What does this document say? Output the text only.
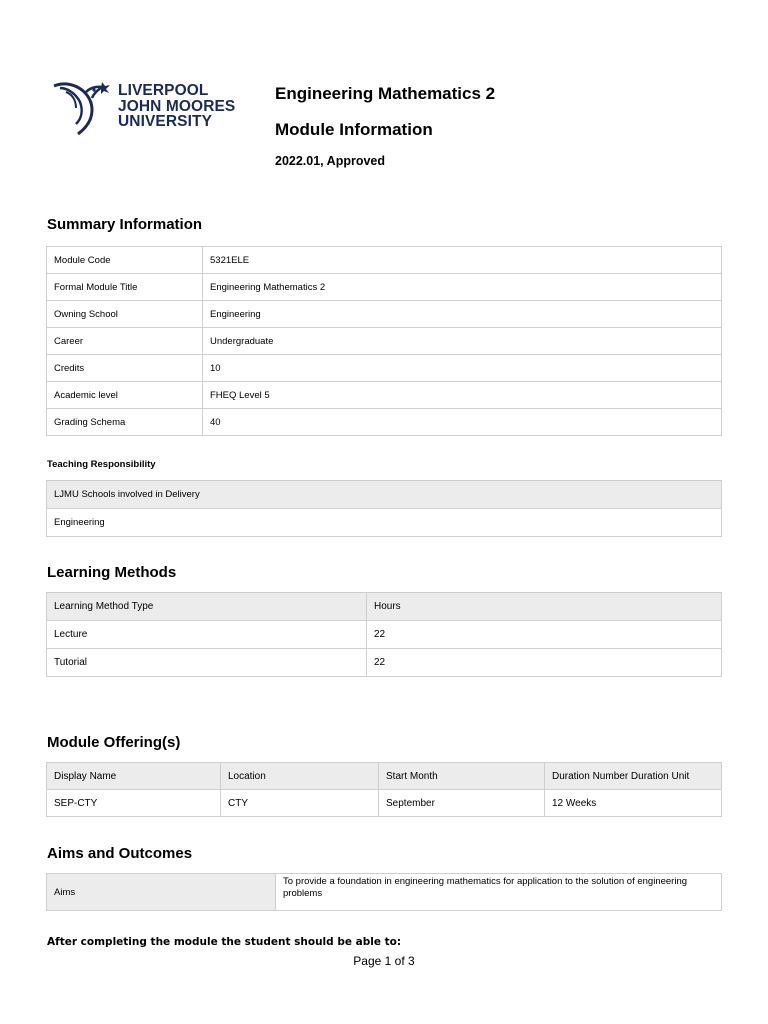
LIVERPOOL
JOHN MOORES
UNIVERSITY
Engineering Mathematics 2
Module Information
2022.01, Approved
Summary Information
Module Code	5321ELE
Formal Module Title	Engineering Mathematics 2
Owning School	Engineering
Career	Undergraduate
Credits	10
Academic level	FHEQ Level 5
Grading Schema	40
Teaching Responsibility
LJMU Schools involved in Delivery
Engineering
Learning Methods
Learning Method Type	Hours
Lecture	22
Tutorial	22
Module Offering(s)
Display Name	Location	Start Month	Duration Number Duration Unit
SEP-CTY	CTY	September	12 Weeks
Aims and Outcomes
Aims	To provide a foundation in engineering mathematics for application to the solution of engineering problems
After completing the module the student should be able to:
Page 1 of 3
